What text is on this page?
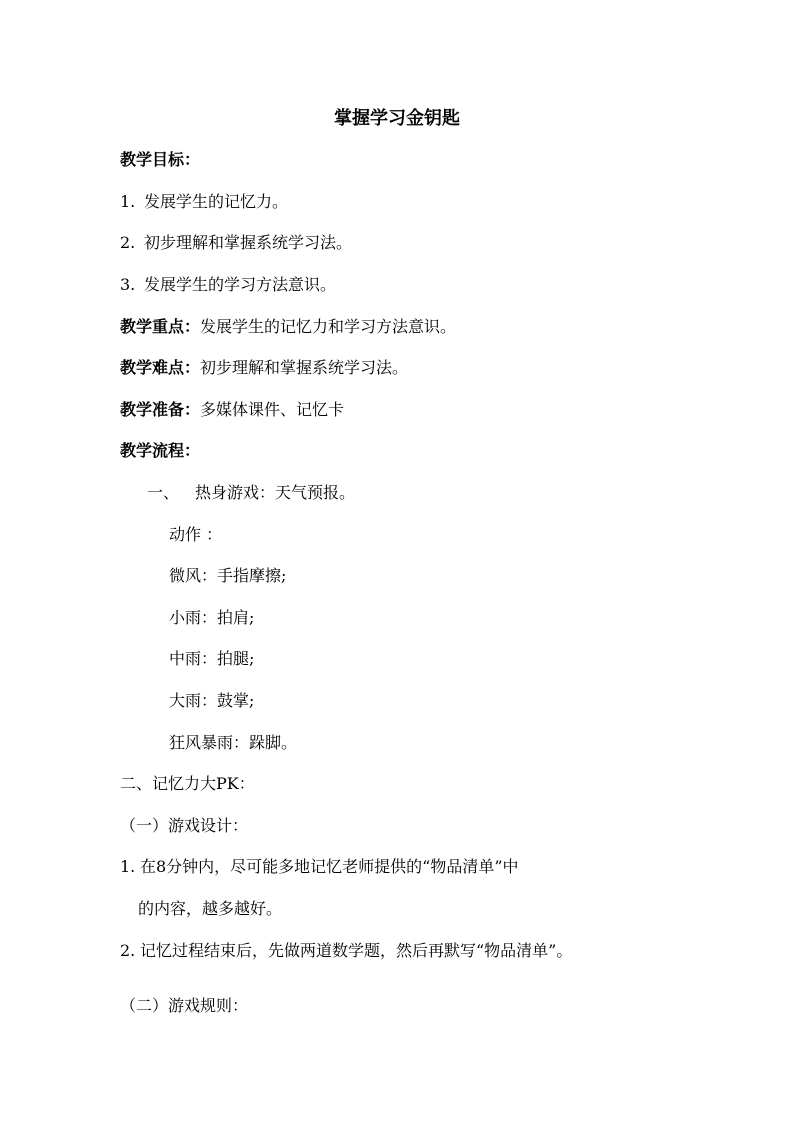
掌握学习金钥匙
教学目标：
1. 发展学生的记忆力。
2. 初步理解和掌握系统学习法。
3. 发展学生的学习方法意识。
教学重点：发展学生的记忆力和学习方法意识。
教学难点：初步理解和掌握系统学习法。
教学准备：多媒体课件、记忆卡
教学流程：
一、 热身游戏：天气预报。
动作 ：
微风：手指摩擦;
小雨：拍肩;
中雨：拍腿;
大雨：鼓掌;
狂风暴雨：跺脚。
二、记忆力大PK：
（一）游戏设计：
1. 在8分钟内，尽可能多地记忆老师提供的“物品清单”中
的内容，越多越好。
2. 记忆过程结束后，先做两道数学题，然后再默写“物品清单”。
（二）游戏规则：
